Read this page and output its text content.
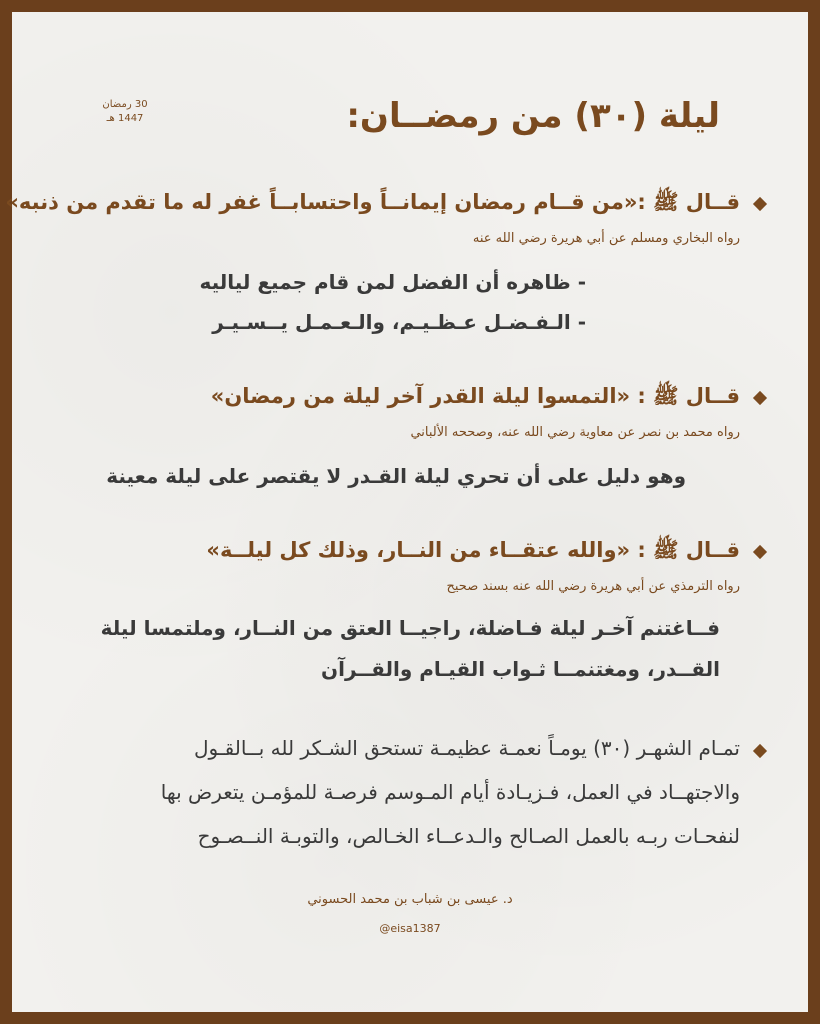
ليلة (٣٠) من رمضــان:
30 رمضان
1447 هـ
قــال ﷺ :«من قــام رمضان إيمانــاً واحتسابــاً غفر له ما تقدم من ذنبه»
رواه البخاري ومسلم عن أبي هريرة رضي الله عنه
- ظاهره أن الفضل لمن قام جميع لياليه
- الـفـضـل عـظـيـم، والـعـمـل يــسـيـر
قــال ﷺ : «التمسوا ليلة القدر آخر ليلة من رمضان»
رواه محمد بن نصر عن معاوية رضي الله عنه، وصححه الألباني
وهو دليل على أن تحري ليلة القـدر لا يقتصر على ليلة معينة
قــال ﷺ : «والله عتقــاء من النــار، وذلك كل ليلــة»
رواه الترمذي عن أبي هريرة رضي الله عنه بسند صحيح
فــاغتنم آخـر ليلة فـاضلة، راجيــا العتق من النــار، وملتمسا ليلة
القــدر، ومغتنمــا ثـواب القيـام والقــرآن
تمـام الشهـر (٣٠) يومـاً نعمـة عظيمـة تستحق الشـكر لله بــالقـول
والاجتهــاد في العمل، فـزيـادة أيام المـوسم فرصـة للمؤمـن يتعرض بها
لنفحـات ربـه بالعمل الصـالح والـدعــاء الخـالص، والتوبـة النــصـوح
د. عيسى بن شباب بن محمد الحسوني
@eisa1387
